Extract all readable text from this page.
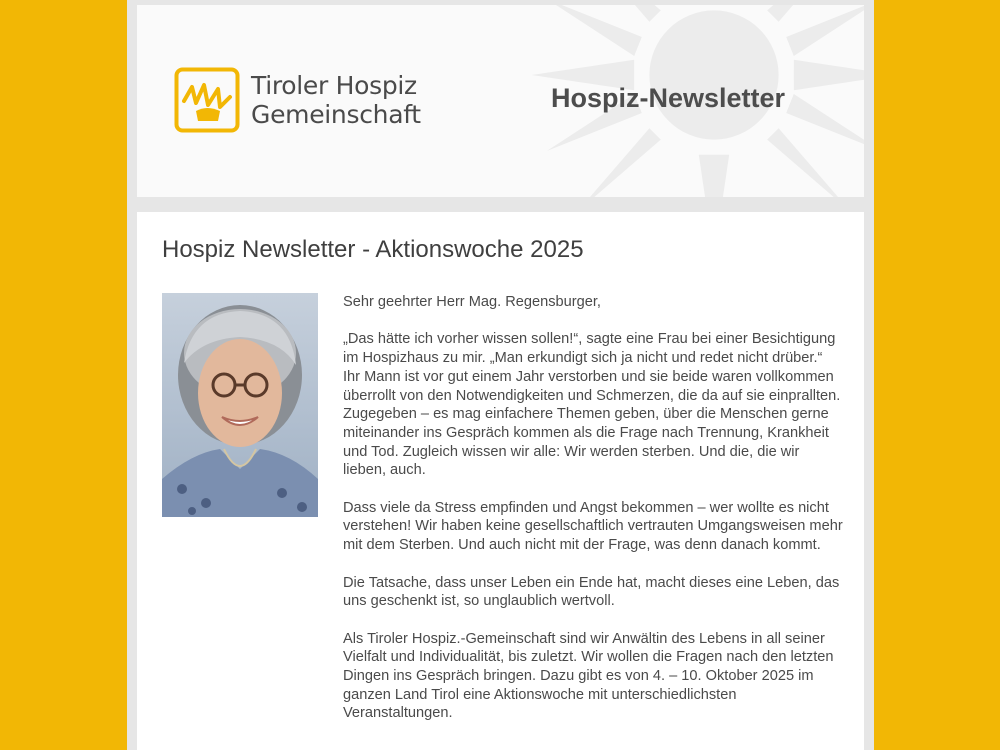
Tiroler Hospiz
Gemeinschaft
Hospiz-Newsletter
Hospiz Newsletter - Aktionswoche 2025

Sehr geehrter Herr Mag. Regensburger,

„Das hätte ich vorher wissen sollen!“, sagte eine Frau bei einer Besichtigung im Hospizhaus zu mir. „Man erkundigt sich ja nicht und redet nicht drüber.“ Ihr Mann ist vor gut einem Jahr verstorben und sie beide waren vollkommen überrollt von den Notwendigkeiten und Schmerzen, die da auf sie einprallten.

Zugegeben – es mag einfachere Themen geben, über die Menschen gerne miteinander ins Gespräch kommen als die Frage nach Trennung, Krankheit und Tod. Zugleich wissen wir alle: Wir werden sterben. Und die, die wir lieben, auch.

Dass viele da Stress empfinden und Angst bekommen – wer wollte es nicht verstehen! Wir haben keine gesellschaftlich vertrauten Umgangsweisen mehr mit dem Sterben. Und auch nicht mit der Frage, was denn danach kommt.

Die Tatsache, dass unser Leben ein Ende hat, macht dieses eine Leben, das uns geschenkt ist, so unglaublich wertvoll.

Als Tiroler Hospiz.-Gemeinschaft sind wir Anwältin des Lebens in all seiner Vielfalt und Individualität, bis zuletzt. Wir wollen die Fragen nach den letzten Dingen ins Gespräch bringen. Dazu gibt es von 4. – 10. Oktober 2025 im ganzen Land Tirol eine Aktionswoche mit unterschiedlichsten Veranstaltungen.
